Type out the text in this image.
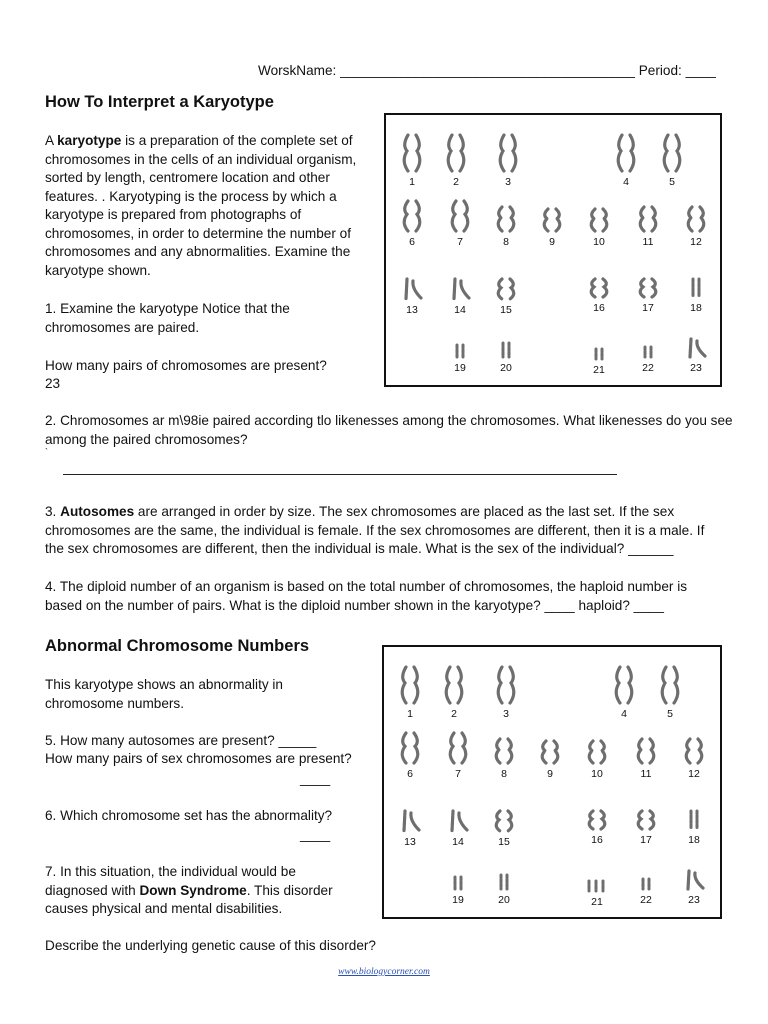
WorskName: _______________________________________ Period: ____
How To Interpret a Karyotype
A karyotype is a preparation of the complete set of chromosomes in the cells of an individual organism, sorted by length, centromere location and other features. . Karyotyping is the process by which a karyotype is prepared from photographs of chromosomes, in order to determine the number of chromosomes and any abnormalities. Examine the karyotype shown.
1. Examine the karyotype Notice that the chromosomes are paired.
How many pairs of chromosomes are present?
23
1	2	3	4	5
6	7	8	9	10	11	12
13	14	15	16	17	18
19	20	21	22	23
2. Chromosomes ar m\98ie paired according tlo likenesses among the chromosomes. What likenesses do you see among the paired chromosomes?
`
3. Autosomes are arranged in order by size. The sex chromosomes are placed as the last set. If the sex chromosomes are the same, the individual is female. If the sex chromosomes are different, then it is a male. If the sex chromosomes are different, then the individual is male. What is the sex of the individual? ______
4. The diploid number of an organism is based on the total number of chromosomes, the haploid number is based on the number of pairs. What is the diploid number shown in the karyotype? ____ haploid? ____
Abnormal Chromosome Numbers
This karyotype shows an abnormality in chromosome numbers.
5. How many autosomes are present? _____
How many pairs of sex chromosomes are present?
____
6. Which chromosome set has the abnormality?
____
7. In this situation, the individual would be diagnosed with Down Syndrome. This disorder causes physical and mental disabilities.
Describe the underlying genetic cause of this disorder?
1	2	3	4	5
6	7	8	9	10	11	12
13	14	15	16	17	18
19	20	21	22	23
www.biologycorner.com
